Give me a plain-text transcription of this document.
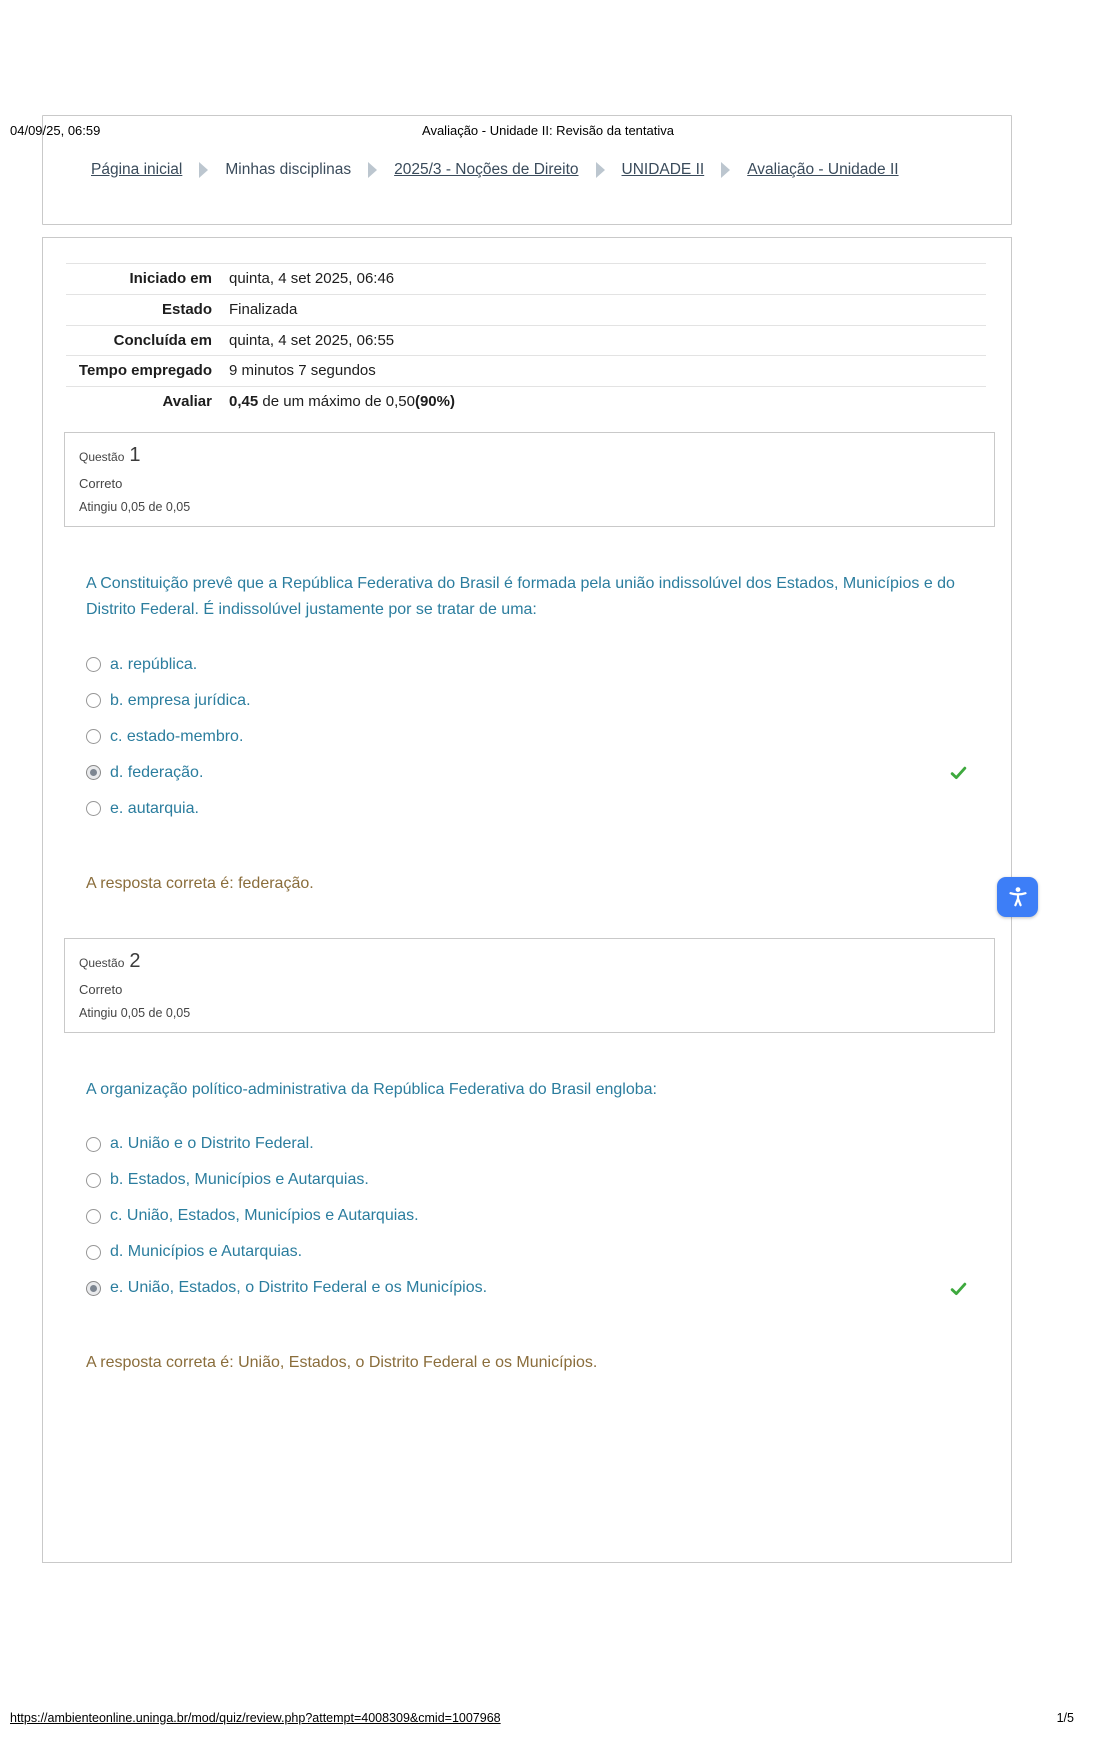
04/09/25, 06:59	Avaliação - Unidade II: Revisão da tentativa
Página inicial	Minhas disciplinas	2025/3 - Noções de Direito	UNIDADE II	Avaliação - Unidade II
Iniciado em quinta, 4 set 2025, 06:46
Estado Finalizada
Concluída em quinta, 4 set 2025, 06:55
Tempo empregado 9 minutos 7 segundos
Avaliar 0,45 de um máximo de 0,50(90%)
Questão 1
Correto
Atingiu 0,05 de 0,05
A Constituição prevê que a República Federativa do Brasil é formada pela união indissolúvel dos Estados, Municípios e do Distrito Federal. É indissolúvel justamente por se tratar de uma:
a. república.
b. empresa jurídica.
c. estado-membro.
d. federação.
e. autarquia.
A resposta correta é: federação.
Questão 2
Correto
Atingiu 0,05 de 0,05
A organização político-administrativa da República Federativa do Brasil engloba:
a. União e o Distrito Federal.
b. Estados, Municípios e Autarquias.
c. União, Estados, Municípios e Autarquias.
d. Municípios e Autarquias.
e. União, Estados, o Distrito Federal e os Municípios.
A resposta correta é: União, Estados, o Distrito Federal e os Municípios.
https://ambienteonline.uninga.br/mod/quiz/review.php?attempt=4008309&cmid=1007968	1/5
